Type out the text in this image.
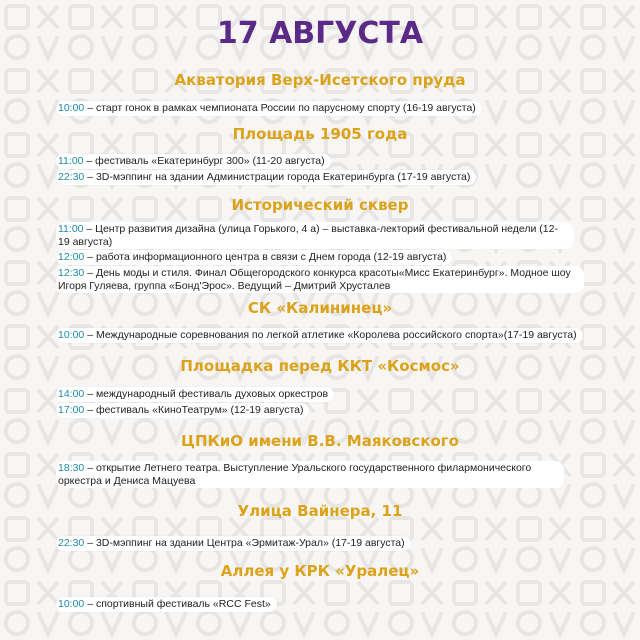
17 АВГУСТА
Акватория Верх-Исетского пруда
10:00 – старт гонок в рамках чемпионата России по парусному спорту (16-19 августа)
Площадь 1905 года
11:00 – фестиваль «Екатеринбург 300» (11-20 августа)
22:30 – 3D-мэппинг на здании Администрации города Екатеринбурга (17-19 августа)
Исторический сквер
11:00 – Центр развития дизайна (улица Горького, 4 а) – выставка-лекторий фестивальной недели (12-19 августа)
12:00 – работа информационного центра в связи с Днем города (12-19 августа)
12:30 – День моды и стиля. Финал Общегородского конкурса красоты«Мисс Екатеринбург». Модное шоу Игоря Гуляева, группа «Бонд'Эрос». Ведущий – Дмитрий Хрусталев
СК «Калининец»
10:00 – Международные соревнования по легкой атлетике «Королева российского спорта»(17-19 августа)
Площадка перед ККТ «Космос»
14:00 – международный фестиваль духовых оркестров
17:00 – фестиваль «КиноТеатрум» (12-19 августа)
ЦПКиО имени В.В. Маяковского
18:30 – открытие Летнего театра. Выступление Уральского государственного филармонического оркестра и Дениса Мацуева
Улица Вайнера, 11
22:30 – 3D-мэппинг на здании Центра «Эрмитаж-Урал» (17-19 августа)
Аллея у КРК «Уралец»
10:00 – спортивный фестиваль «RCC Fest»
